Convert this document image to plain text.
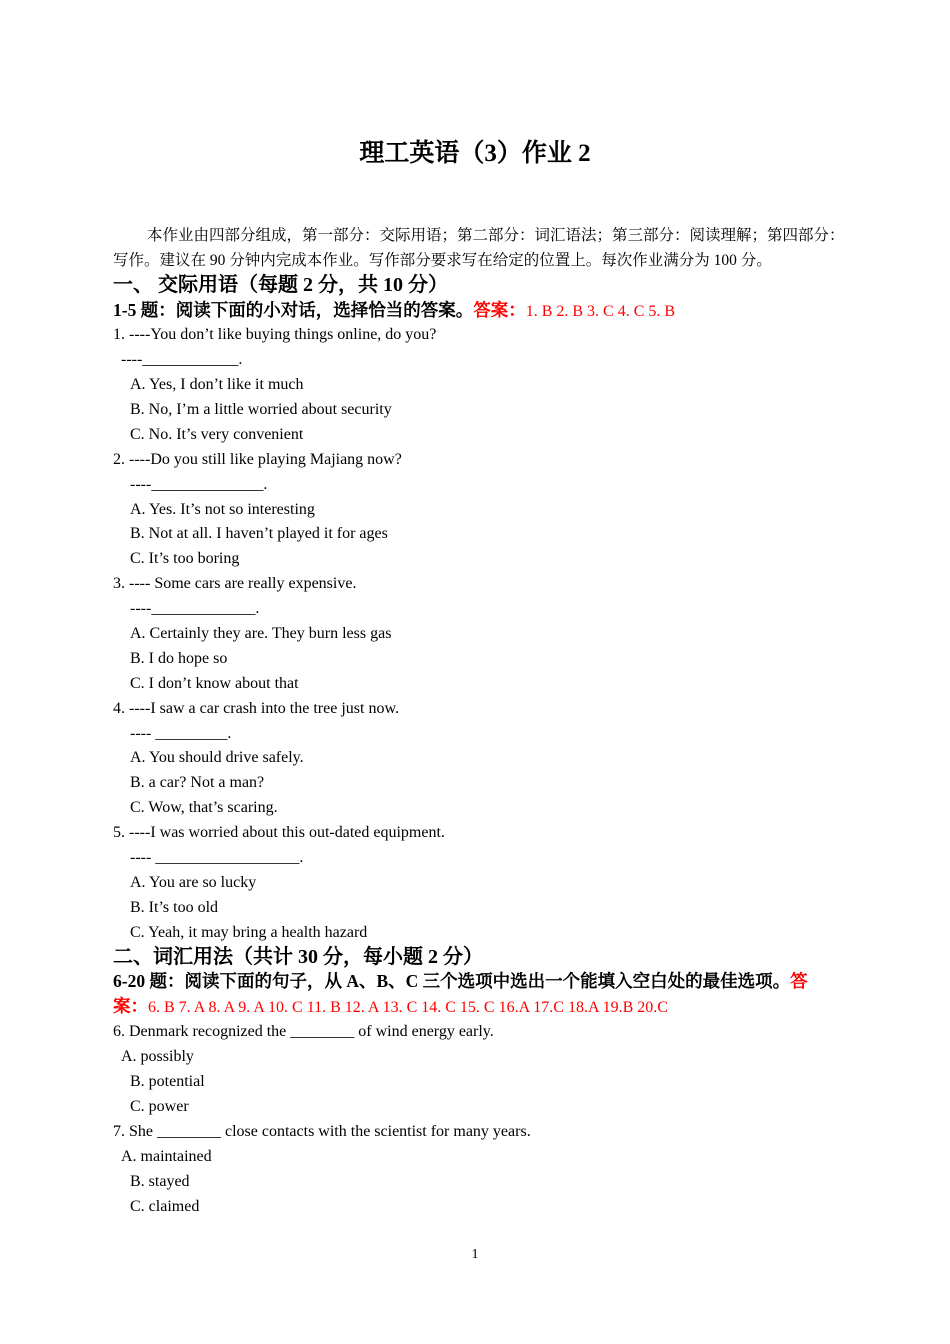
理工英语（3）作业 2
本作业由四部分组成，第一部分：交际用语；第二部分：词汇语法；第三部分：阅读理解；第四部分：
写作。建议在 90 分钟内完成本作业。写作部分要求写在给定的位置上。每次作业满分为 100 分。
一、 交际用语（每题 2 分，共 10 分）
1-5 题：阅读下面的小对话，选择恰当的答案。答案：1. B 2. B 3. C 4. C 5. B
1. ----You don’t like buying things online, do you?
----____________.
A. Yes, I don’t like it much
B. No, I’m a little worried about security
C. No. It’s very convenient
2. ----Do you still like playing Majiang now?
----______________.
A. Yes. It’s not so interesting
B. Not at all. I haven’t played it for ages
C. It’s too boring
3. ---- Some cars are really expensive.
----_____________.
A. Certainly they are. They burn less gas
B. I do hope so
C. I don’t know about that
4. ----I saw a car crash into the tree just now.
---- _________.
A. You should drive safely.
B. a car? Not a man?
C. Wow, that’s scaring.
5. ----I was worried about this out-dated equipment.
---- __________________.
A. You are so lucky
B. It’s too old
C. Yeah, it may bring a health hazard
二、词汇用法（共计 30 分，每小题 2 分）
6-20 题：阅读下面的句子，从 A、B、C 三个选项中选出一个能填入空白处的最佳选项。答
案：6. B 7. A 8. A 9. A 10. C 11. B 12. A 13. C 14. C 15. C 16.A 17.C 18.A 19.B 20.C
6. Denmark recognized the ________ of wind energy early.
A. possibly
B. potential
C. power
7. She ________ close contacts with the scientist for many years.
A. maintained
B. stayed
C. claimed
1
